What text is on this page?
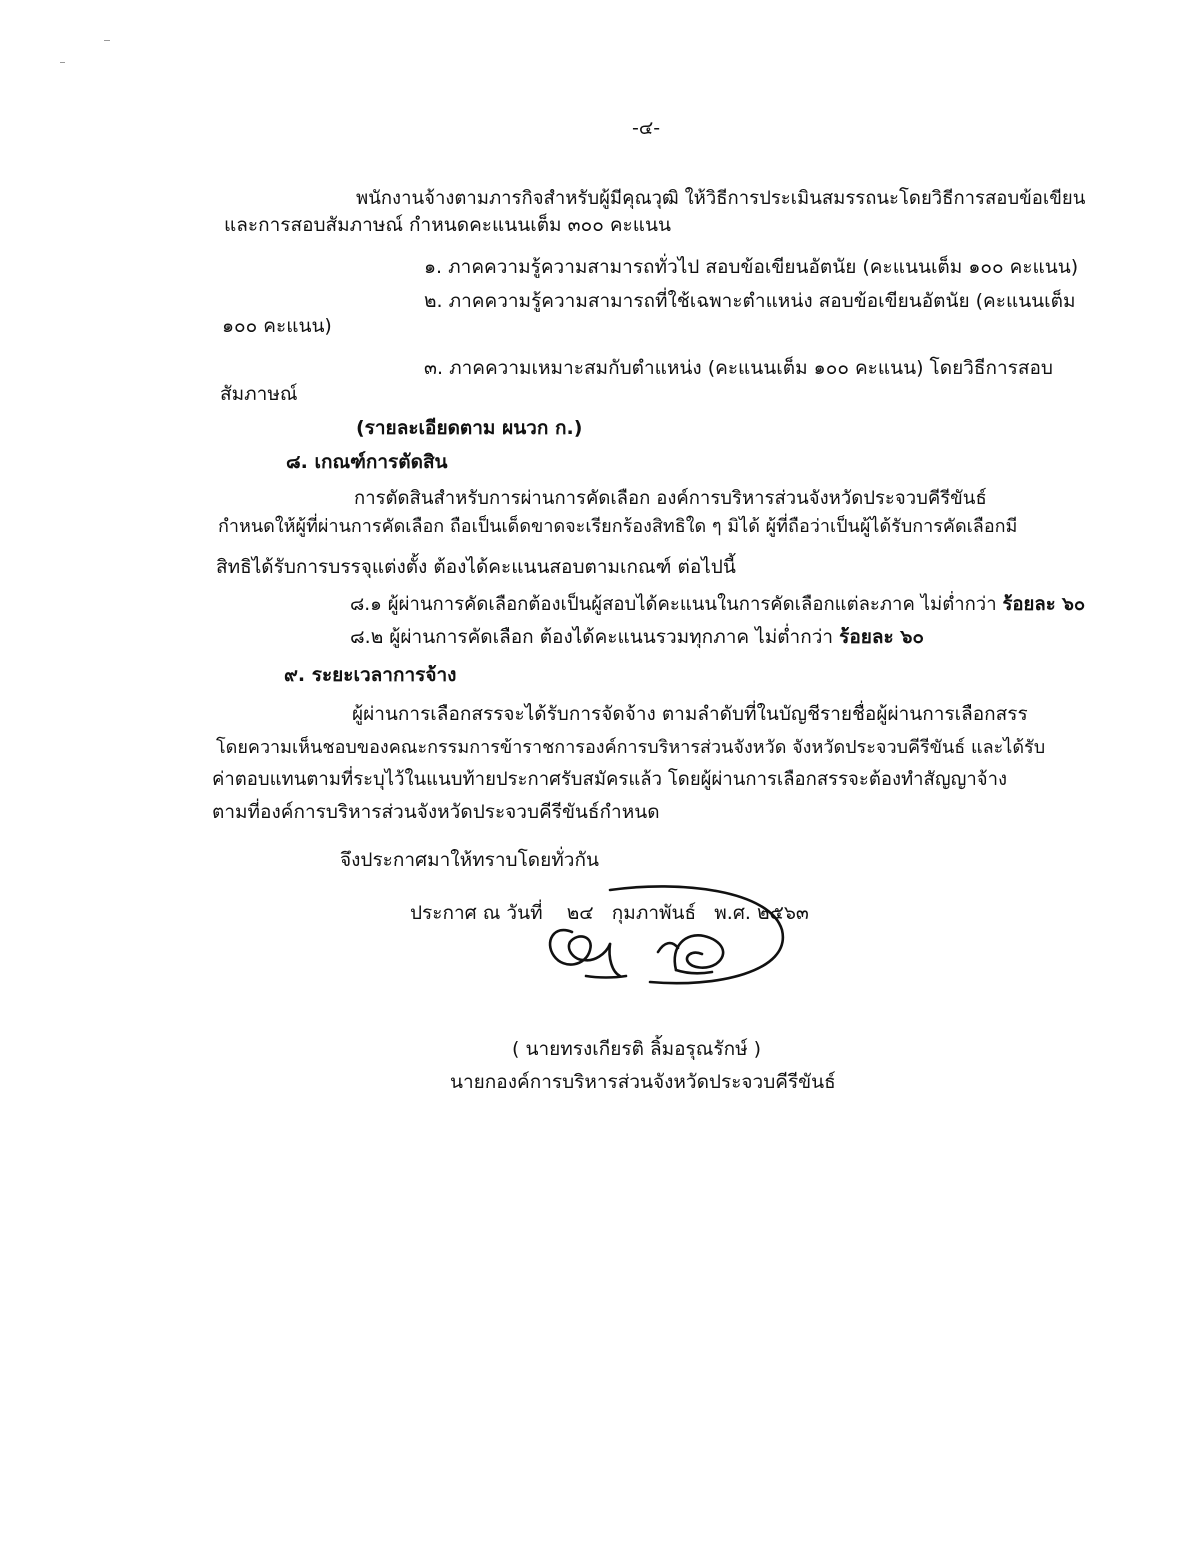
-๔-
พนักงานจ้างตามภารกิจสำหรับผู้มีคุณวุฒิ ให้วิธีการประเมินสมรรถนะโดยวิธีการสอบข้อเขียน
และการสอบสัมภาษณ์ กำหนดคะแนนเต็ม ๓๐๐ คะแนน
๑. ภาคความรู้ความสามารถทั่วไป สอบข้อเขียนอัตนัย (คะแนนเต็ม ๑๐๐ คะแนน)
๒. ภาคความรู้ความสามารถที่ใช้เฉพาะตำแหน่ง สอบข้อเขียนอัตนัย (คะแนนเต็ม
๑๐๐ คะแนน)
๓. ภาคความเหมาะสมกับตำแหน่ง (คะแนนเต็ม ๑๐๐ คะแนน) โดยวิธีการสอบ
สัมภาษณ์
(รายละเอียดตาม ผนวก ก.)
๘. เกณฑ์การตัดสิน
การตัดสินสำหรับการผ่านการคัดเลือก องค์การบริหารส่วนจังหวัดประจวบคีรีขันธ์
กำหนดให้ผู้ที่ผ่านการคัดเลือก ถือเป็นเด็ดขาดจะเรียกร้องสิทธิใด ๆ มิได้ ผู้ที่ถือว่าเป็นผู้ได้รับการคัดเลือกมี
สิทธิได้รับการบรรจุแต่งตั้ง ต้องได้คะแนนสอบตามเกณฑ์ ต่อไปนี้
๘.๑ ผู้ผ่านการคัดเลือกต้องเป็นผู้สอบได้คะแนนในการคัดเลือกแต่ละภาค ไม่ต่ำกว่า ร้อยละ ๖๐
๘.๒ ผู้ผ่านการคัดเลือก ต้องได้คะแนนรวมทุกภาค ไม่ต่ำกว่า ร้อยละ ๖๐
๙. ระยะเวลาการจ้าง
ผู้ผ่านการเลือกสรรจะได้รับการจัดจ้าง ตามลำดับที่ในบัญชีรายชื่อผู้ผ่านการเลือกสรร
โดยความเห็นชอบของคณะกรรมการข้าราชการองค์การบริหารส่วนจังหวัด จังหวัดประจวบคีรีขันธ์ และได้รับ
ค่าตอบแทนตามที่ระบุไว้ในแนบท้ายประกาศรับสมัครแล้ว โดยผู้ผ่านการเลือกสรรจะต้องทำสัญญาจ้าง
ตามที่องค์การบริหารส่วนจังหวัดประจวบคีรีขันธ์กำหนด
จึงประกาศมาให้ทราบโดยทั่วกัน
ประกาศ ณ วันที่ ๒๔ กุมภาพันธ์ พ.ศ. ๒๕๖๓
( นายทรงเกียรติ ลิ้มอรุณรักษ์ )
นายกองค์การบริหารส่วนจังหวัดประจวบคีรีขันธ์
